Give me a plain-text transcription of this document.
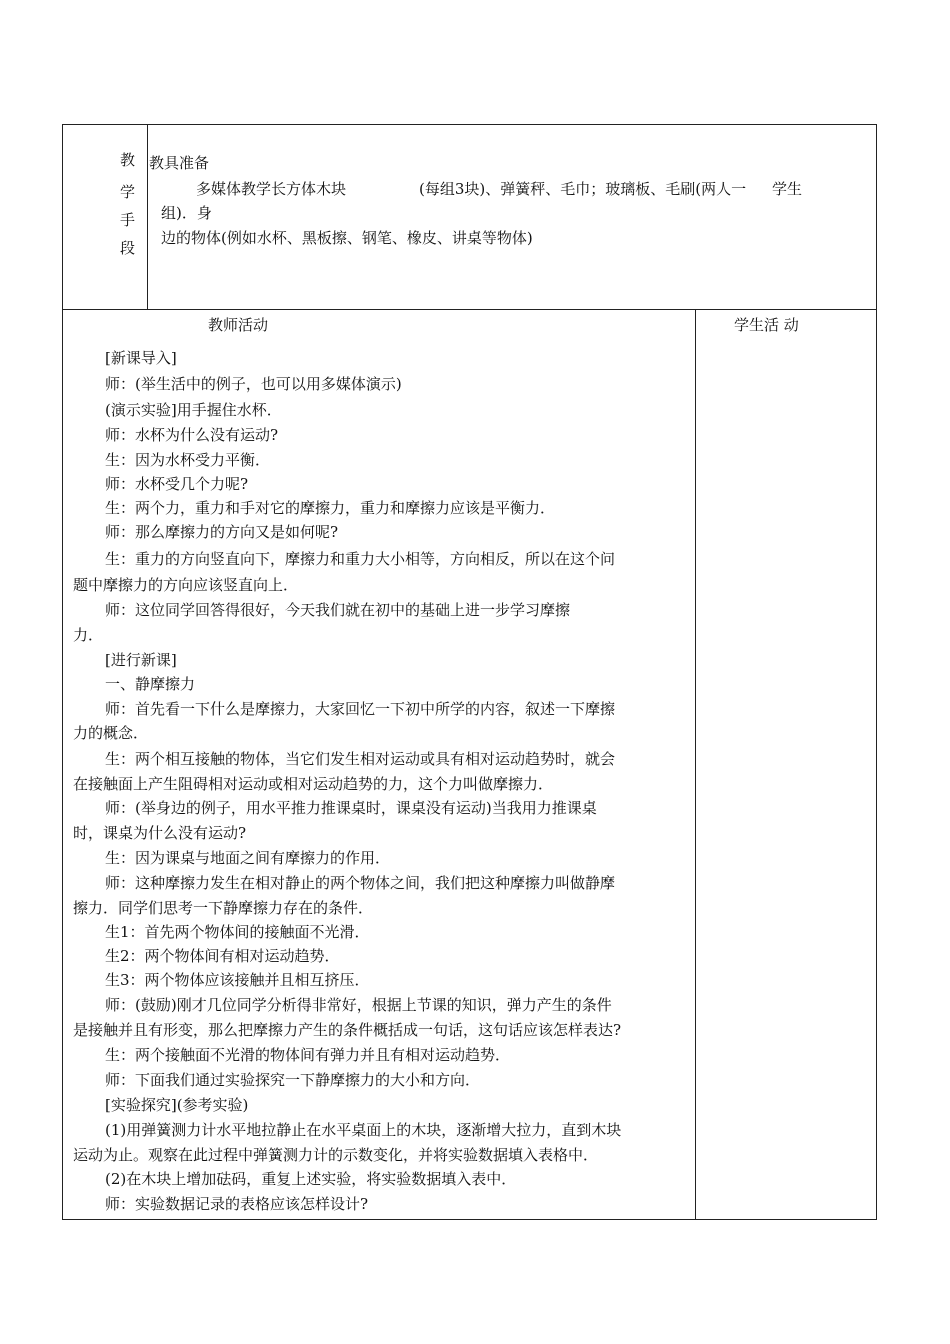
教
学
手
段
教具准备
多媒体教学长方体木块	(每组3块)、弹簧秤、毛巾；玻璃板、毛刷(两人一 学生
组)．身
边的物体(例如水杯、黑板擦、钢笔、橡皮、讲桌等物体)
教师活动	学生活 动
[新课导入]
师：(举生活中的例子，也可以用多媒体演示)
(演示实验]用手握住水杯．
师：水杯为什么没有运动?
生：因为水杯受力平衡．
师：水杯受几个力呢?
生：两个力，重力和手对它的摩擦力，重力和摩擦力应该是平衡力．
师：那么摩擦力的方向又是如何呢?
生：重力的方向竖直向下，摩擦力和重力大小相等，方向相反，所以在这个问
题中摩擦力的方向应该竖直向上．
师：这位同学回答得很好，今天我们就在初中的基础上进一步学习摩擦
力．
[进行新课]
一、静摩擦力
师：首先看一下什么是摩擦力，大家回忆一下初中所学的内容，叙述一下摩擦
力的概念．
生：两个相互接触的物体，当它们发生相对运动或具有相对运动趋势时，就会
在接触面上产生阻碍相对运动或相对运动趋势的力，这个力叫做摩擦力．
师：(举身边的例子，用水平推力推课桌时，课桌没有运动)当我用力推课桌
时，课桌为什么没有运动?
生：因为课桌与地面之间有摩擦力的作用．
师：这种摩擦力发生在相对静止的两个物体之间，我们把这种摩擦力叫做静摩
擦力．同学们思考一下静摩擦力存在的条件．
生1：首先两个物体间的接触面不光滑．
生2：两个物体间有相对运动趋势．
生3：两个物体应该接触并且相互挤压．
师：(鼓励)刚才几位同学分析得非常好，根据上节课的知识，弹力产生的条件
是接触并且有形变，那么把摩擦力产生的条件概括成一句话，这句话应该怎样表达?
生：两个接触面不光滑的物体间有弹力并且有相对运动趋势．
师：下面我们通过实验探究一下静摩擦力的大小和方向．
[实验探究](参考实验)
(1)用弹簧测力计水平地拉静止在水平桌面上的木块，逐渐增大拉力，直到木块
运动为止。观察在此过程中弹簧测力计的示数变化，并将实验数据填入表格中．
(2)在木块上增加砝码，重复上述实验，将实验数据填入表中．
师：实验数据记录的表格应该怎样设计?
